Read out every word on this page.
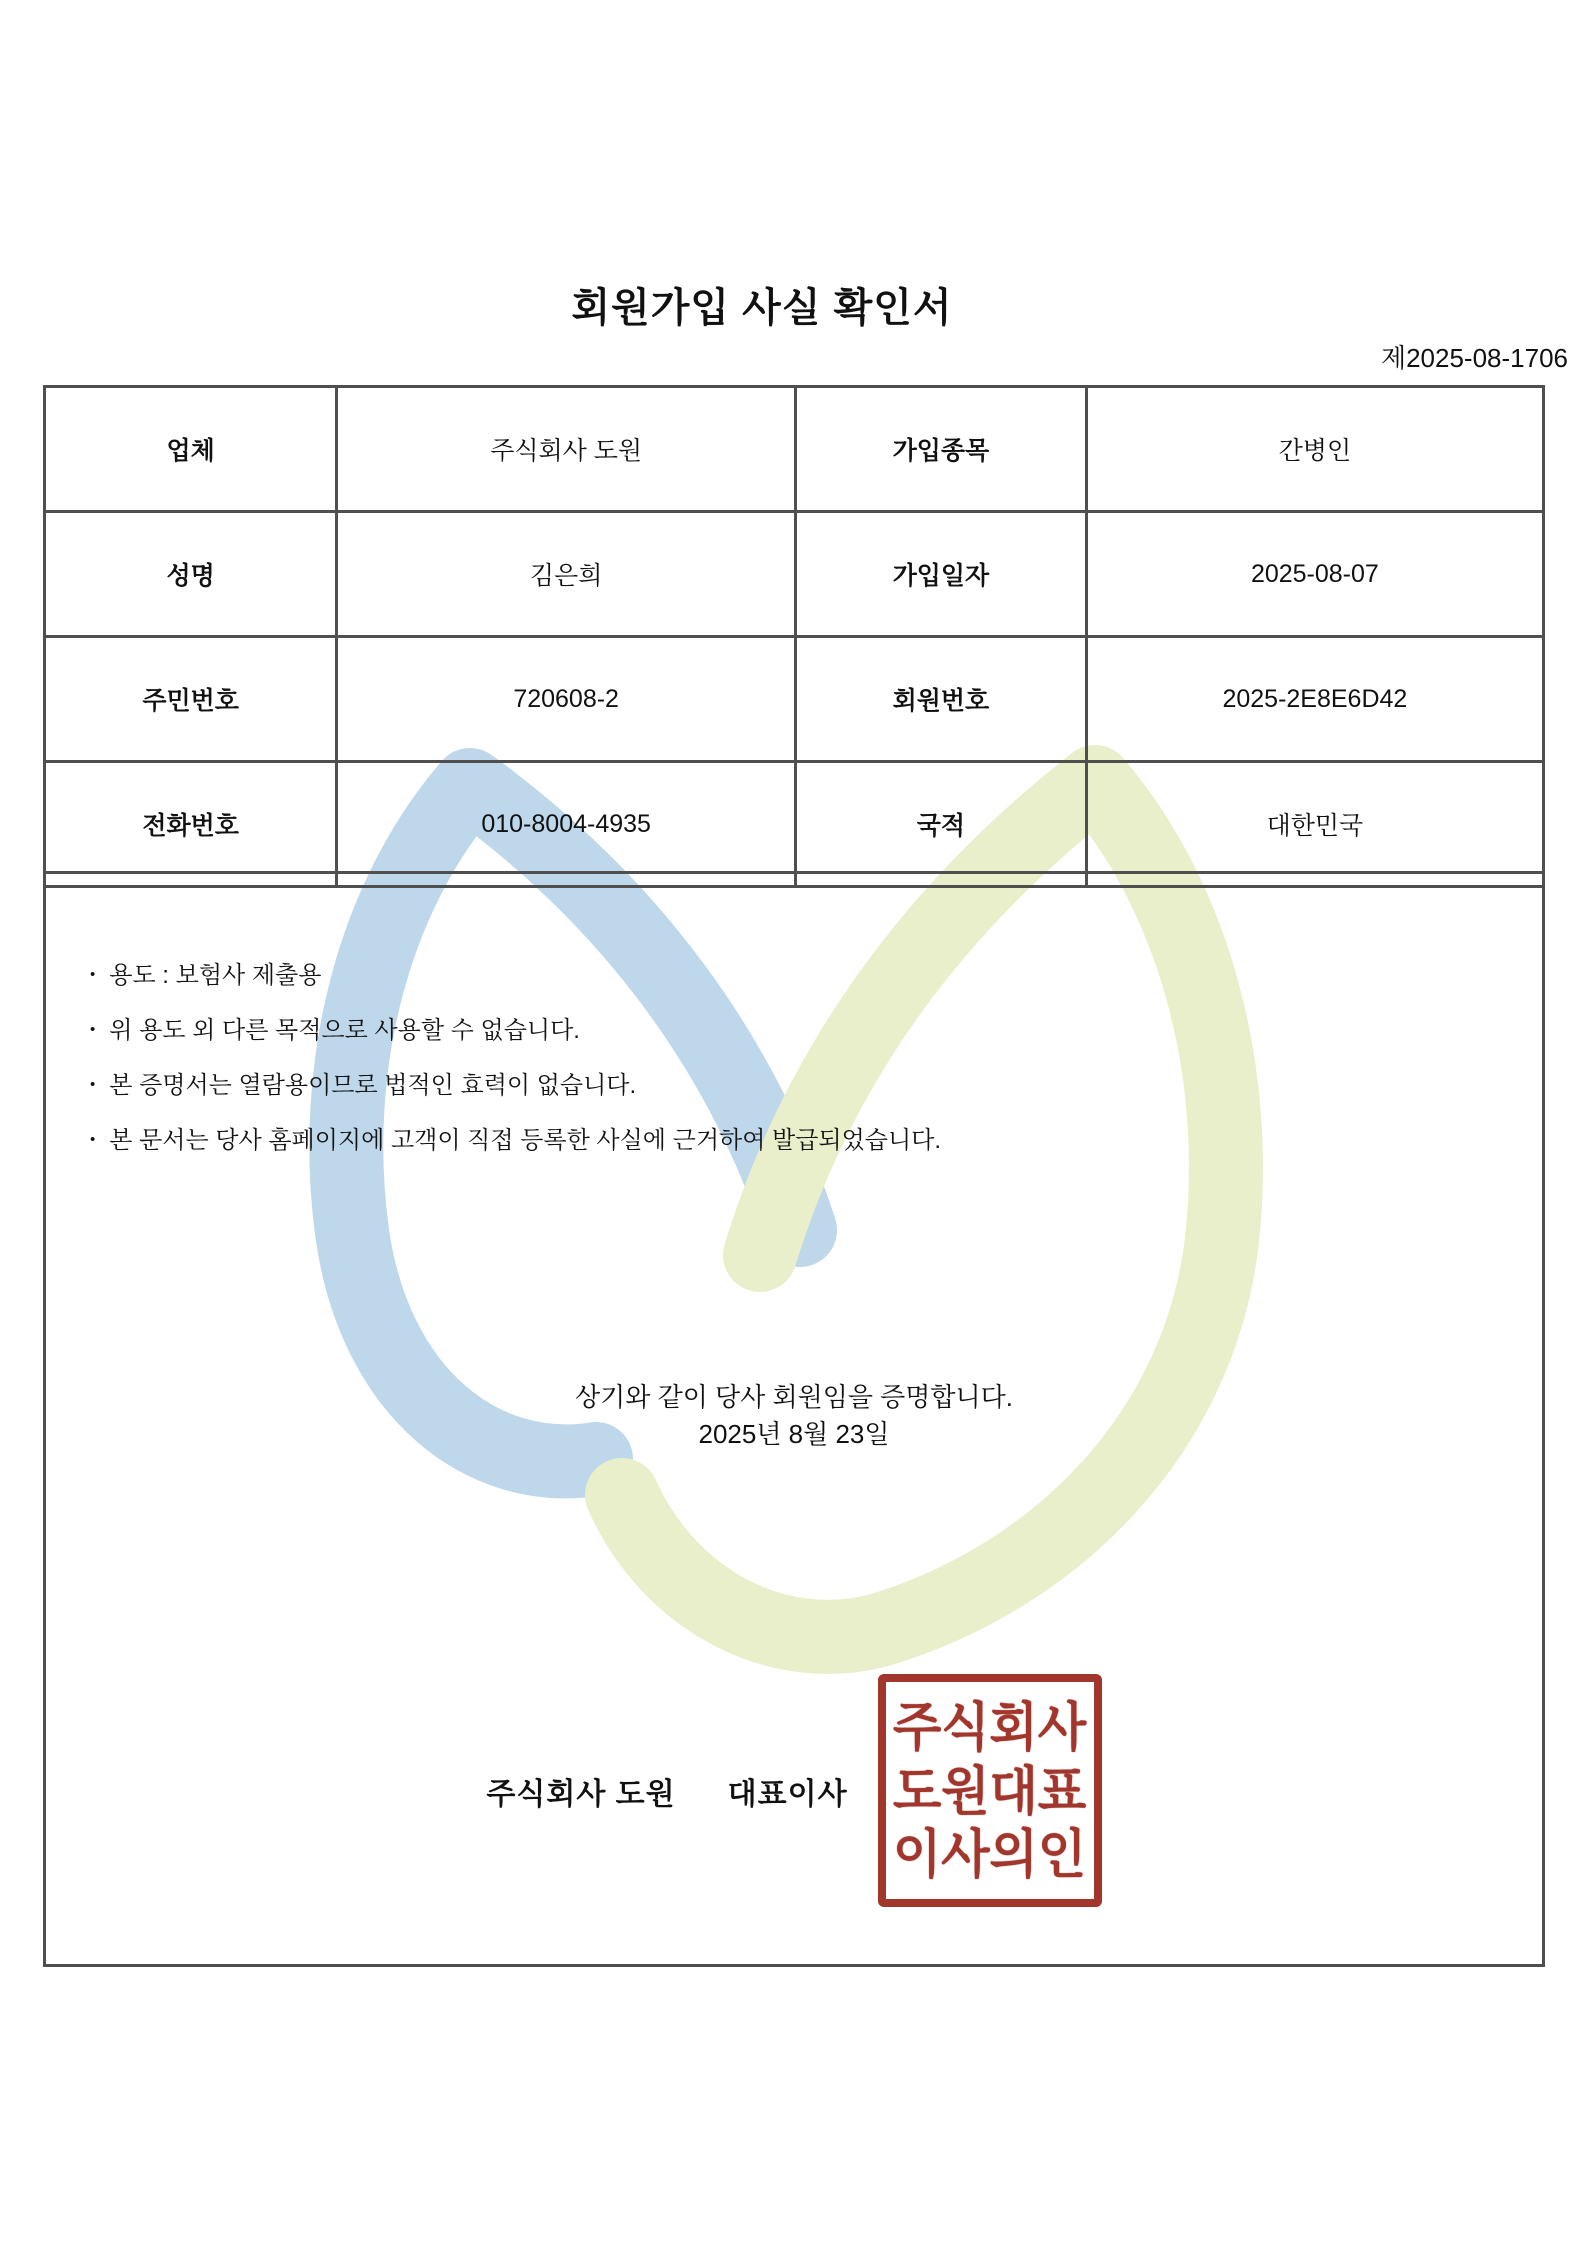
회원가입 사실 확인서
제2025-08-1706
업체	주식회사 도원	가입종목	간병인
성명	김은희	가입일자	2025-08-07
주민번호	720608-2	회원번호	2025-2E8E6D42
전화번호	010-8004-4935	국적	대한민국
• 용도 : 보험사 제출용
• 위 용도 외 다른 목적으로 사용할 수 없습니다.
• 본 증명서는 열람용이므로 법적인 효력이 없습니다.
• 본 문서는 당사 홈페이지에 고객이 직접 등록한 사실에 근거하여 발급되었습니다.
상기와 같이 당사 회원임을 증명합니다.
2025년 8월 23일
주식회사 도원 대표이사
주식회사
도원대표
이사의인
